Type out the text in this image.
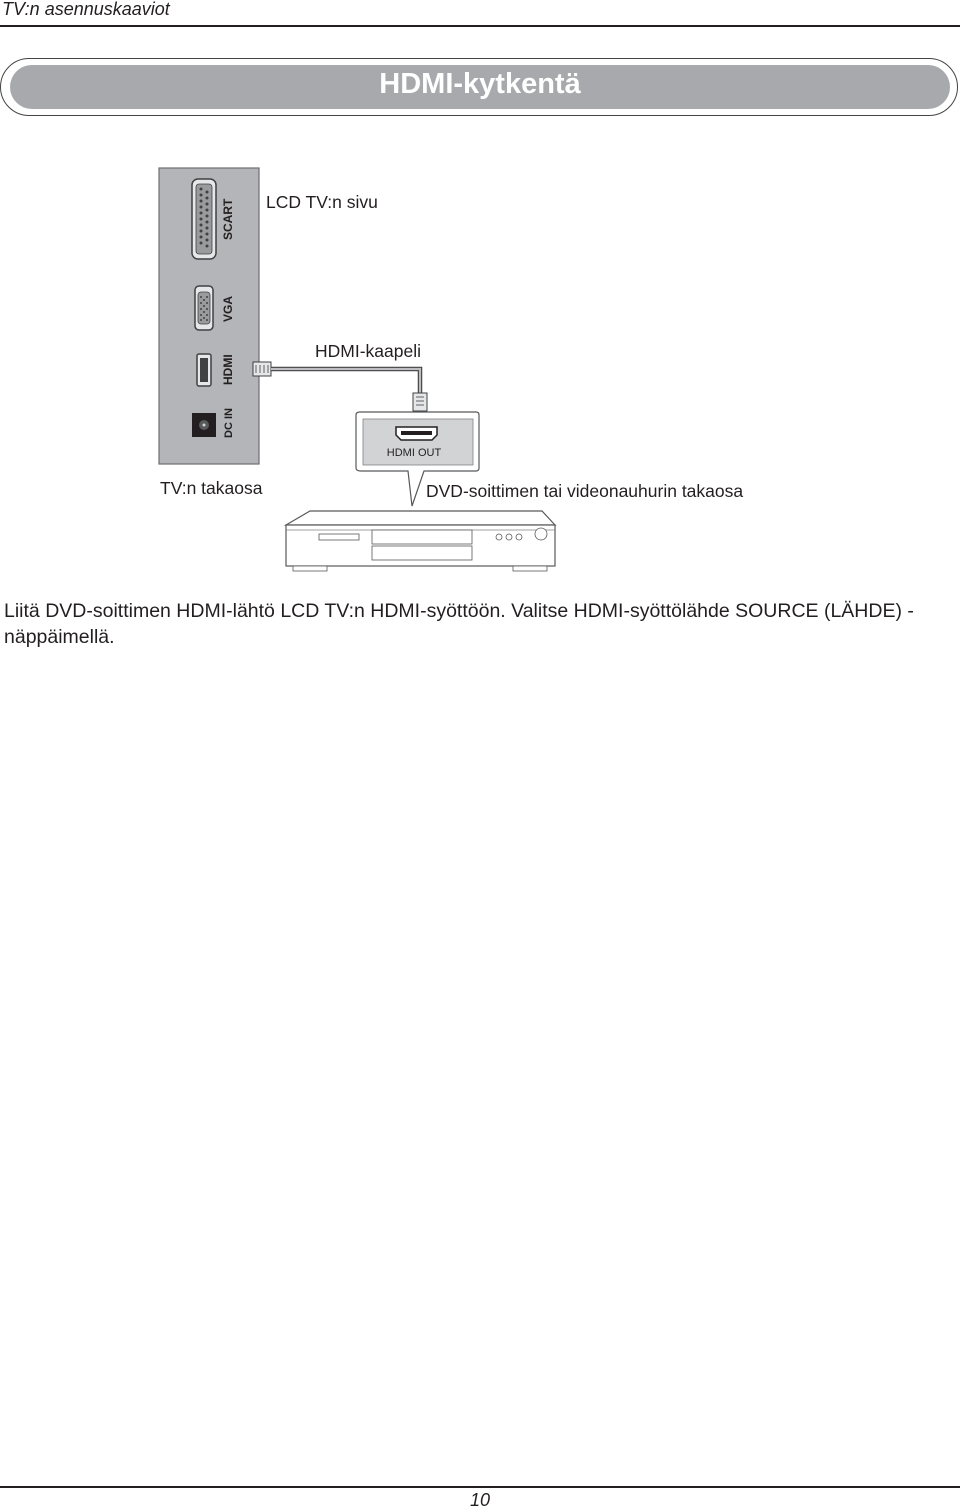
TV:n asennuskaaviot
HDMI-kytkentä
SCART
VGA
HDMI
DC IN
HDMI OUT
LCD TV:n sivu
HDMI-kaapeli
TV:n takaosa	DVD-soittimen tai videonauhurin takaosa
Liitä DVD-soittimen HDMI-lähtö LCD TV:n HDMI-syöttöön. Valitse HDMI-syöttölähde SOURCE (LÄHDE) -näppäimellä.
10
